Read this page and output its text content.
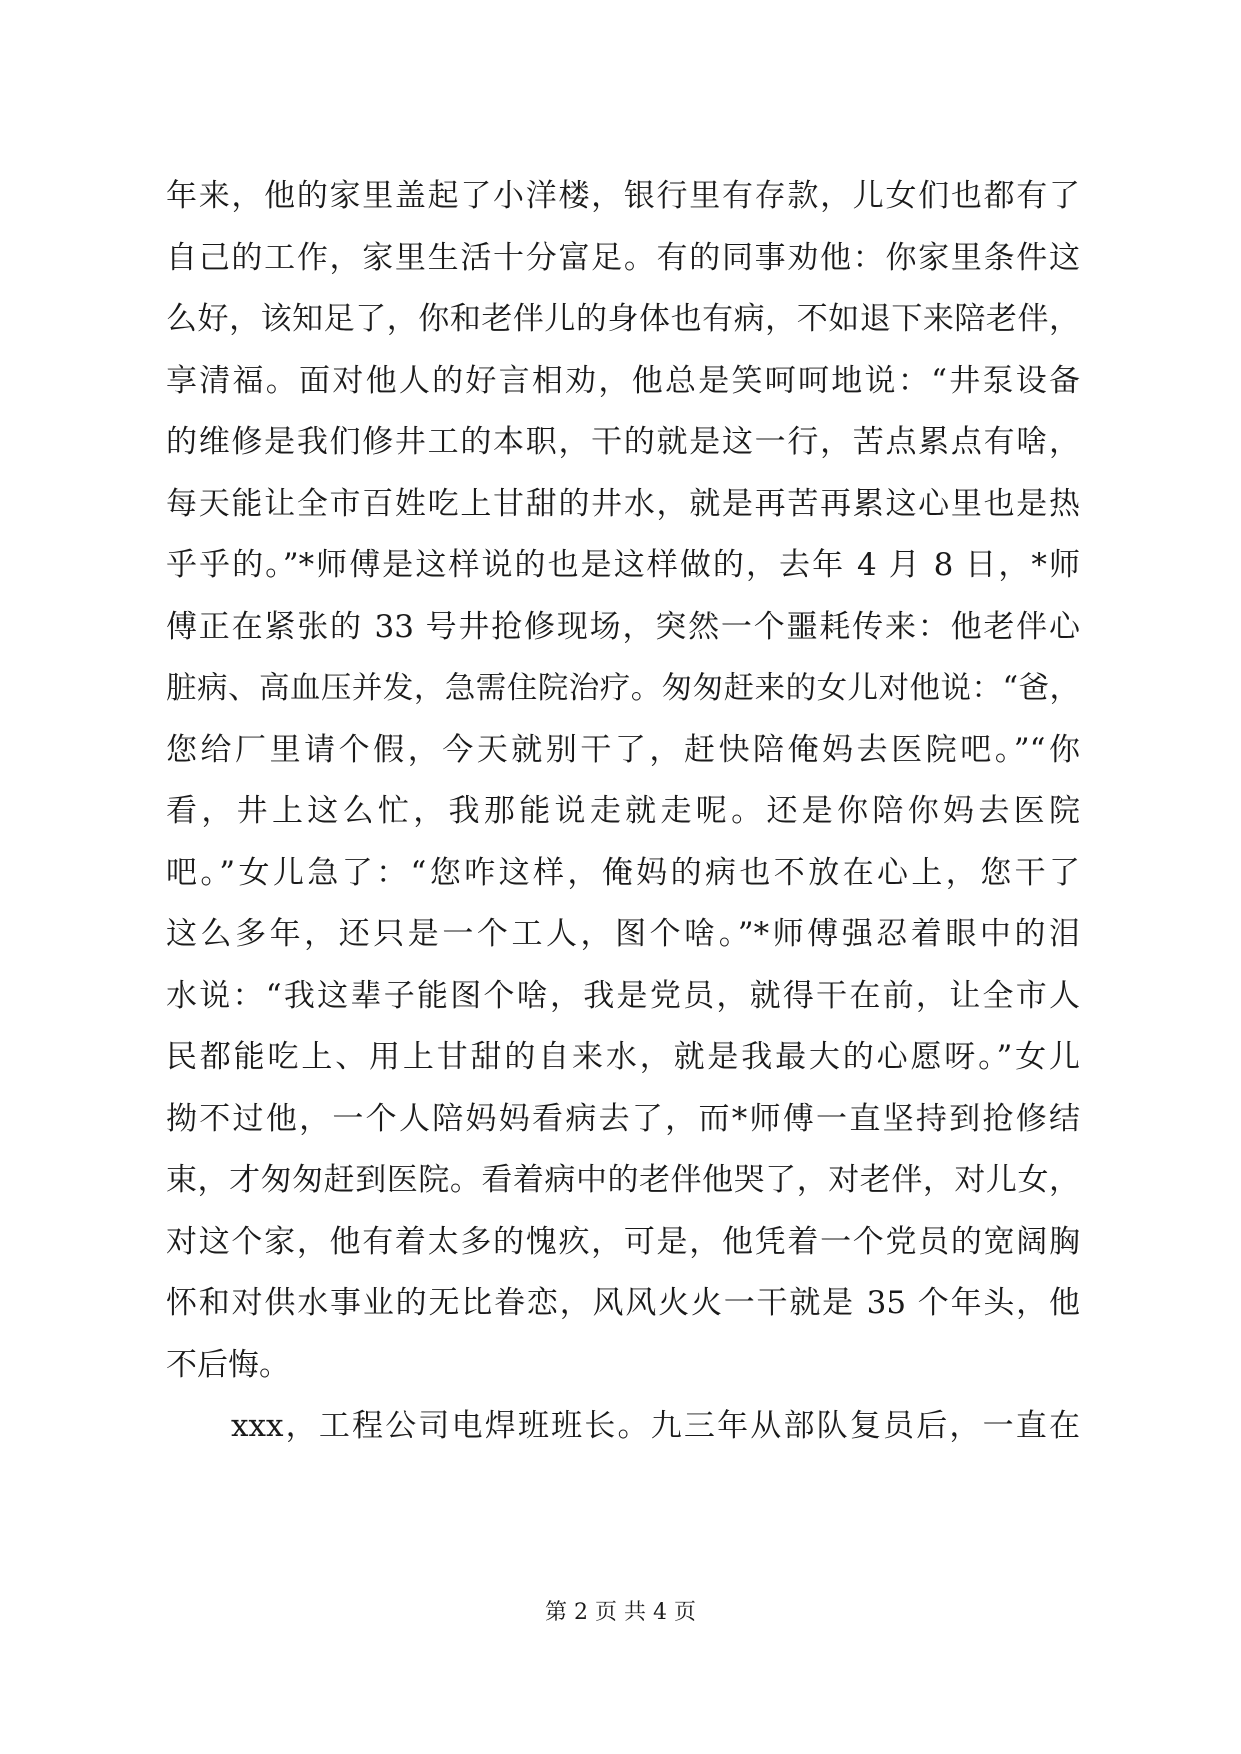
年来，他的家里盖起了小洋楼，银行里有存款，儿女们也都有了
自己的工作，家里生活十分富足。有的同事劝他：你家里条件这
么好，该知足了，你和老伴儿的身体也有病，不如退下来陪老伴，
享清福。面对他人的好言相劝，他总是笑呵呵地说：“井泵设备
的维修是我们修井工的本职，干的就是这一行，苦点累点有啥，
每天能让全市百姓吃上甘甜的井水，就是再苦再累这心里也是热
乎乎的。”*师傅是这样说的也是这样做的，去年 4 月 8 日，*师
傅正在紧张的 33 号井抢修现场，突然一个噩耗传来：他老伴心
脏病、高血压并发，急需住院治疗。匆匆赶来的女儿对他说：“爸，
您给厂里请个假，今天就别干了，赶快陪俺妈去医院吧。”“你
看，井上这么忙，我那能说走就走呢。还是你陪你妈去医院
吧。”女儿急了：“您咋这样，俺妈的病也不放在心上，您干了
这么多年，还只是一个工人，图个啥。”*师傅强忍着眼中的泪
水说：“我这辈子能图个啥，我是党员，就得干在前，让全市人
民都能吃上、用上甘甜的自来水，就是我最大的心愿呀。”女儿
拗不过他，一个人陪妈妈看病去了，而*师傅一直坚持到抢修结
束，才匆匆赶到医院。看着病中的老伴他哭了，对老伴，对儿女，
对这个家，他有着太多的愧疚，可是，他凭着一个党员的宽阔胸
怀和对供水事业的无比眷恋，风风火火一干就是 35 个年头，他
不后悔。
xxx，工程公司电焊班班长。九三年从部队复员后，一直在
第 2 页 共 4 页
